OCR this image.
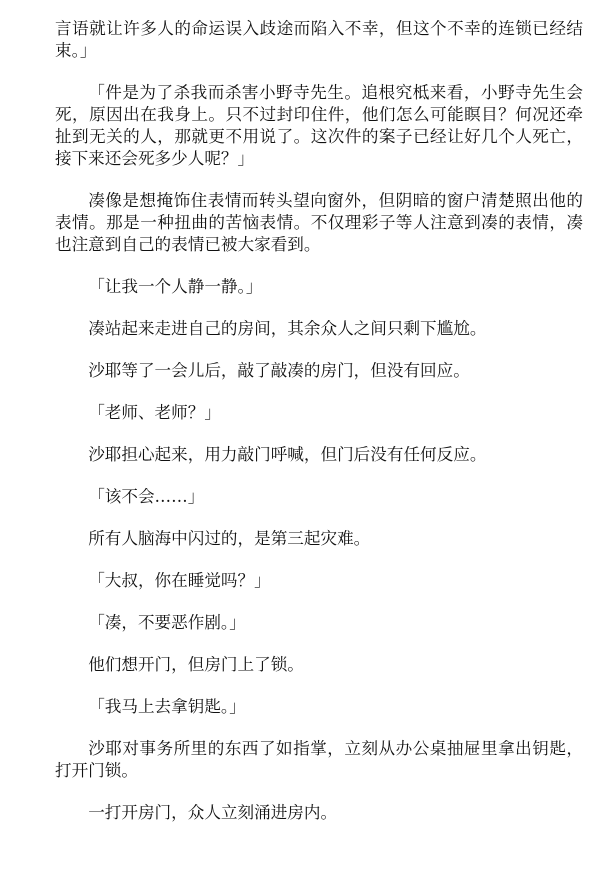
言语就让许多人的命运误入歧途而陷入不幸，但这个不幸的连锁已经结束。」

「件是为了杀我而杀害小野寺先生。追根究柢来看，小野寺先生会死，原因出在我身上。只不过封印住件，他们怎么可能瞑目？何况还牵扯到无关的人，那就更不用说了。这次件的案子已经让好几个人死亡，接下来还会死多少人呢？」

凑像是想掩饰住表情而转头望向窗外，但阴暗的窗户清楚照出他的表情。那是一种扭曲的苦恼表情。不仅理彩子等人注意到凑的表情，凑也注意到自己的表情已被大家看到。

「让我一个人静一静。」

凑站起来走进自己的房间，其余众人之间只剩下尴尬。

沙耶等了一会儿后，敲了敲凑的房门，但没有回应。

「老师、老师？」

沙耶担心起来，用力敲门呼喊，但门后没有任何反应。

「该不会……」

所有人脑海中闪过的，是第三起灾难。

「大叔，你在睡觉吗？」

「凑，不要恶作剧。」

他们想开门，但房门上了锁。

「我马上去拿钥匙。」

沙耶对事务所里的东西了如指掌，立刻从办公桌抽屉里拿出钥匙，打开门锁。

一打开房门，众人立刻涌进房内。
